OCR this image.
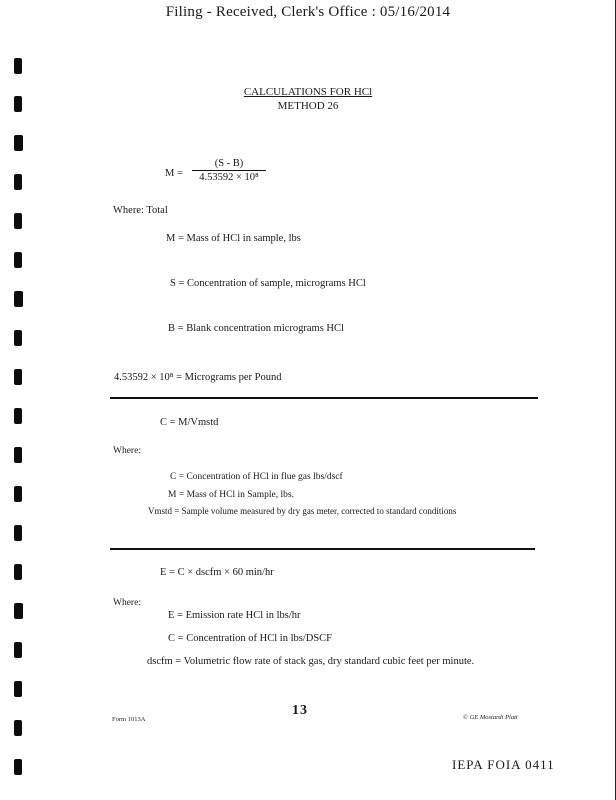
Filing - Received, Clerk's Office : 05/16/2014
CALCULATIONS FOR HCl
METHOD 26
$M = \frac{(S - B)}{\text{4.53592 × 10⁸}}$
Where: Total
M = Mass of HCl in sample, lbs
S = Concentration of sample, micrograms HCl
B = Blank concentration micrograms HCl
4.53592 × 10⁸ = Micrograms per Pound
C = M/Vmstd
Where:
C = Concentration of HCl in flue gas lbs/dscf
M = Mass of HCl in Sample, lbs.
Vmstd = Sample volume measured by dry gas meter, corrected to standard conditions
E = C × dscfm × 60 min/hr
Where:
E = Emission rate HCl in lbs/hr
C = Concentration of HCl in lbs/DSCF
dscfm = Volumetric flow rate of stack gas, dry standard cubic feet per minute.
Form 1013A
13	© GE Mostardi Platt
IEPA FOIA 0411
